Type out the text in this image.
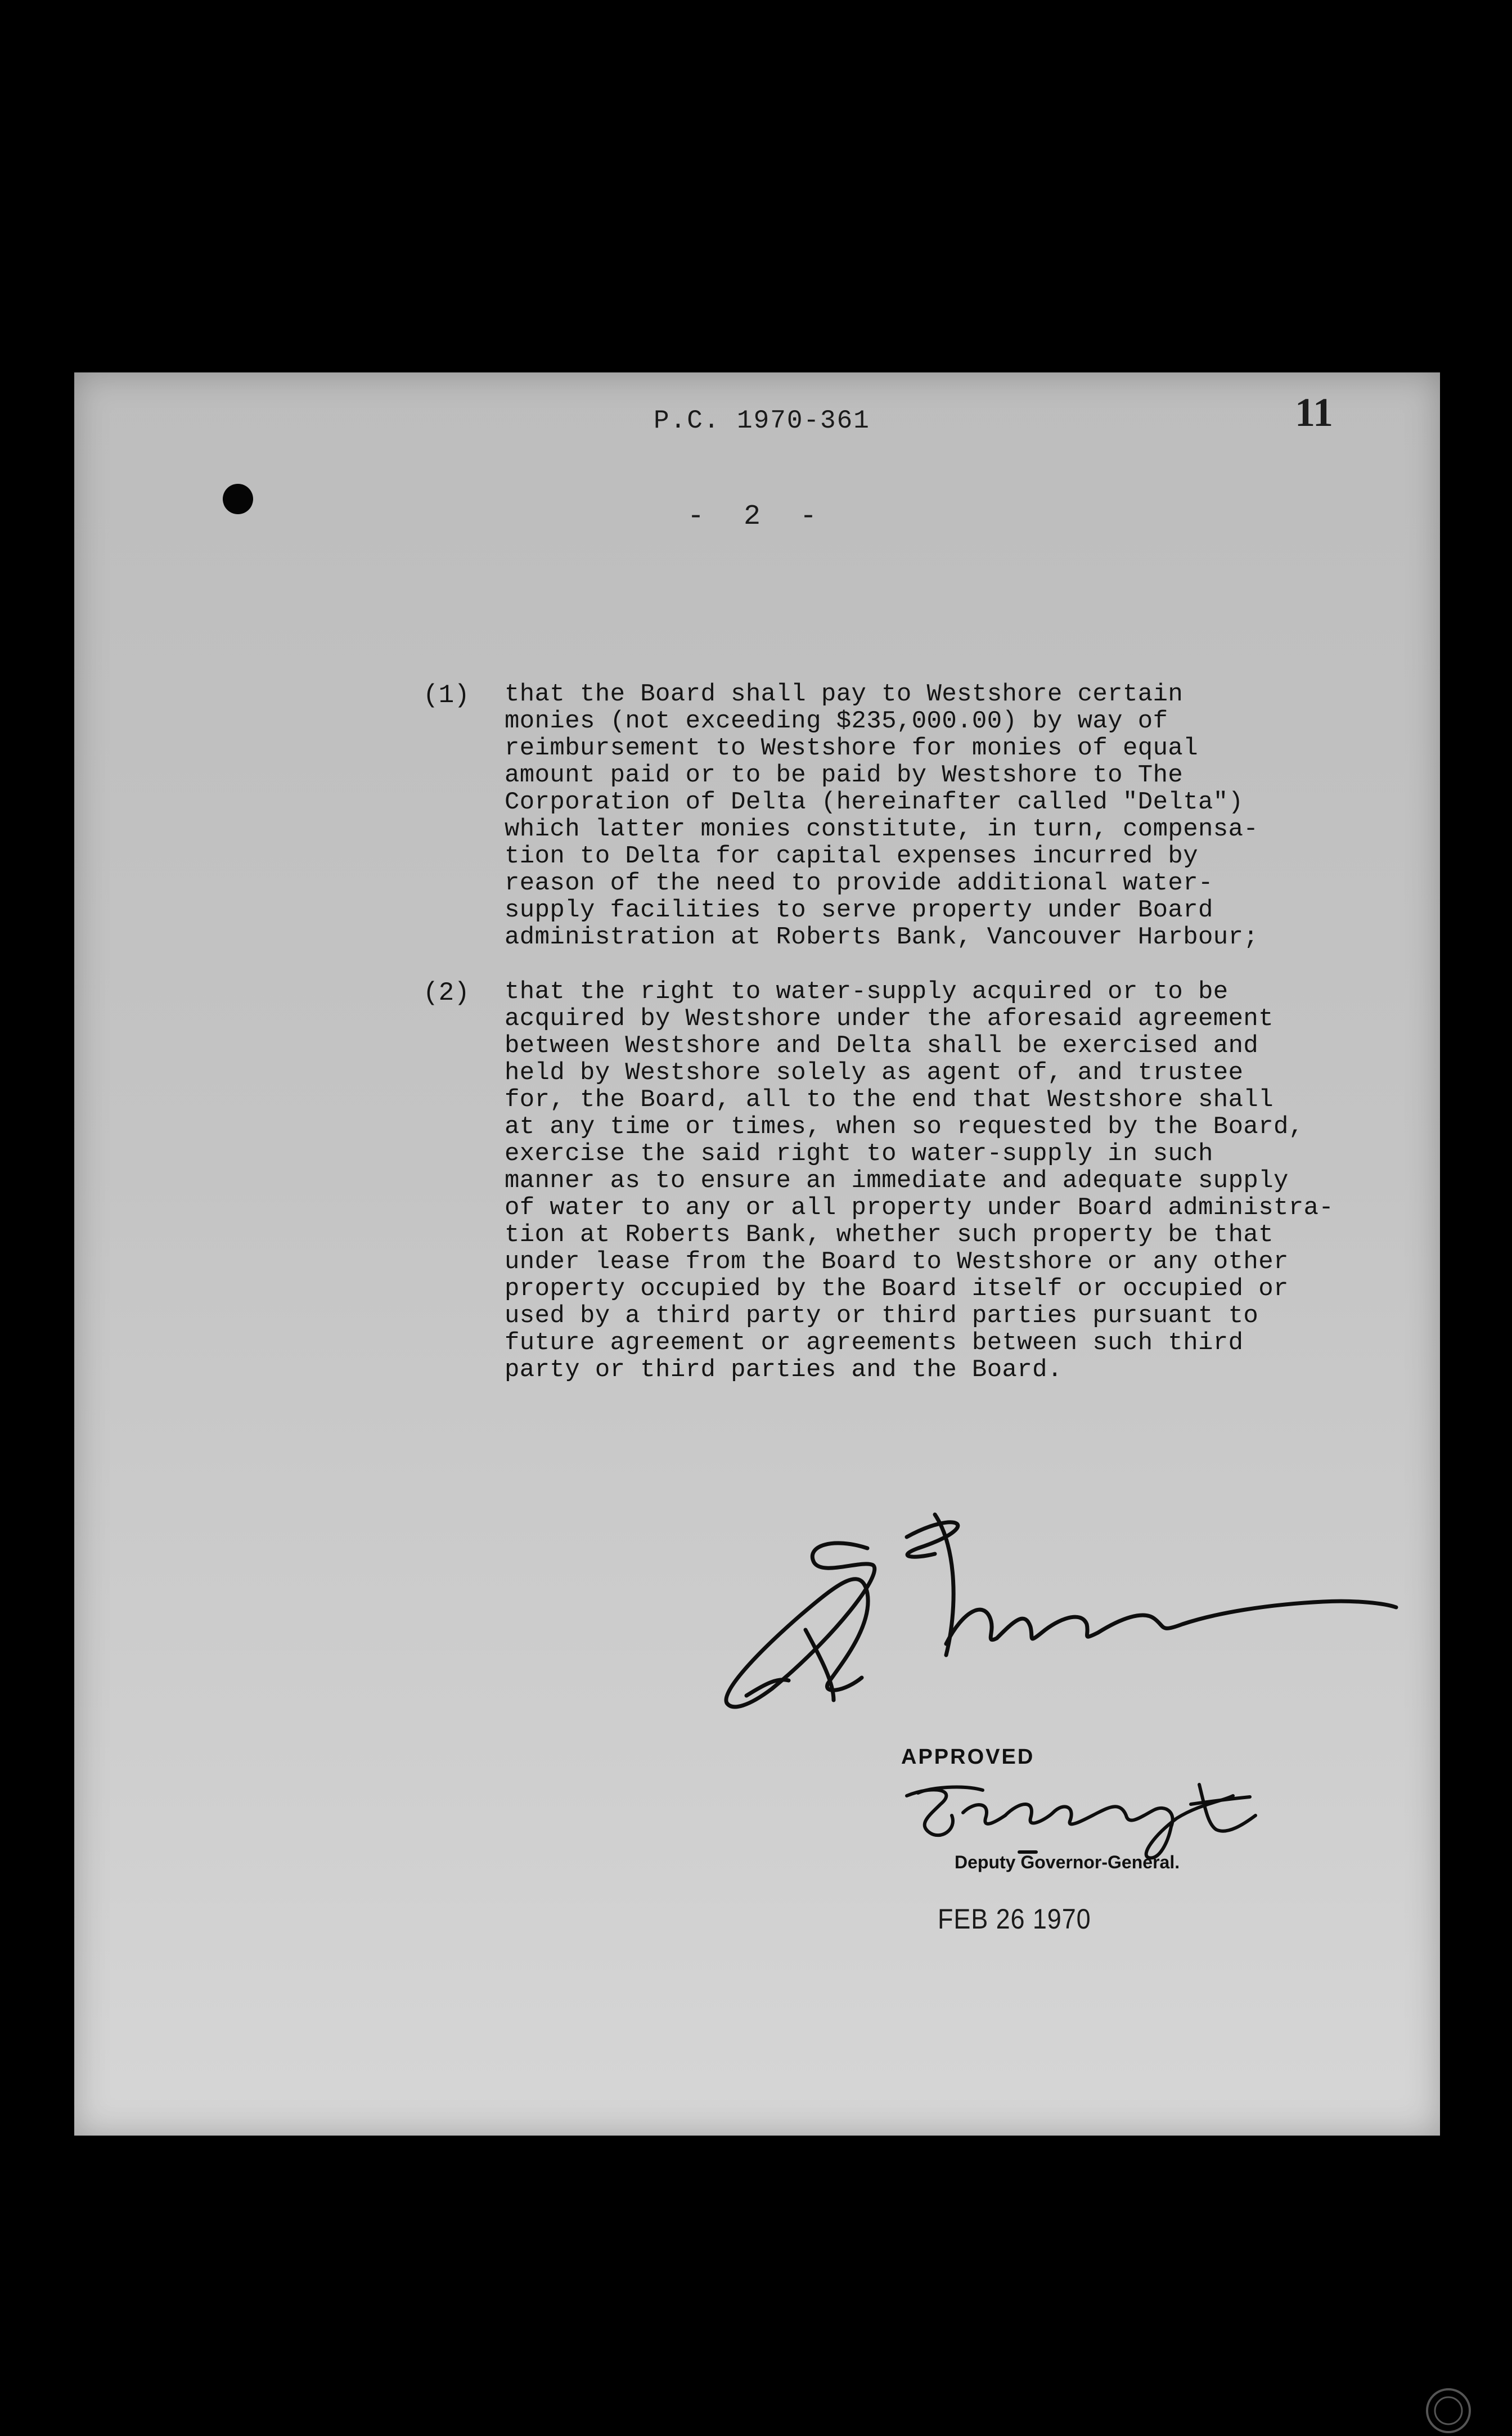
P.C. 1970-361	11
- 2 -
(1) that the Board shall pay to Westshore certain
monies (not exceeding $235,000.00) by way of
reimbursement to Westshore for monies of equal
amount paid or to be paid by Westshore to The
Corporation of Delta (hereinafter called "Delta")
which latter monies constitute, in turn, compensa-
tion to Delta for capital expenses incurred by
reason of the need to provide additional water-
supply facilities to serve property under Board
administration at Roberts Bank, Vancouver Harbour;
(2) that the right to water-supply acquired or to be
acquired by Westshore under the aforesaid agreement
between Westshore and Delta shall be exercised and
held by Westshore solely as agent of, and trustee
for, the Board, all to the end that Westshore shall
at any time or times, when so requested by the Board,
exercise the said right to water-supply in such
manner as to ensure an immediate and adequate supply
of water to any or all property under Board administra-
tion at Roberts Bank, whether such property be that
under lease from the Board to Westshore or any other
property occupied by the Board itself or occupied or
used by a third party or third parties pursuant to
future agreement or agreements between such third
party or third parties and the Board.
APPROVED
Deputy Governor-General.
FEB 26 1970
